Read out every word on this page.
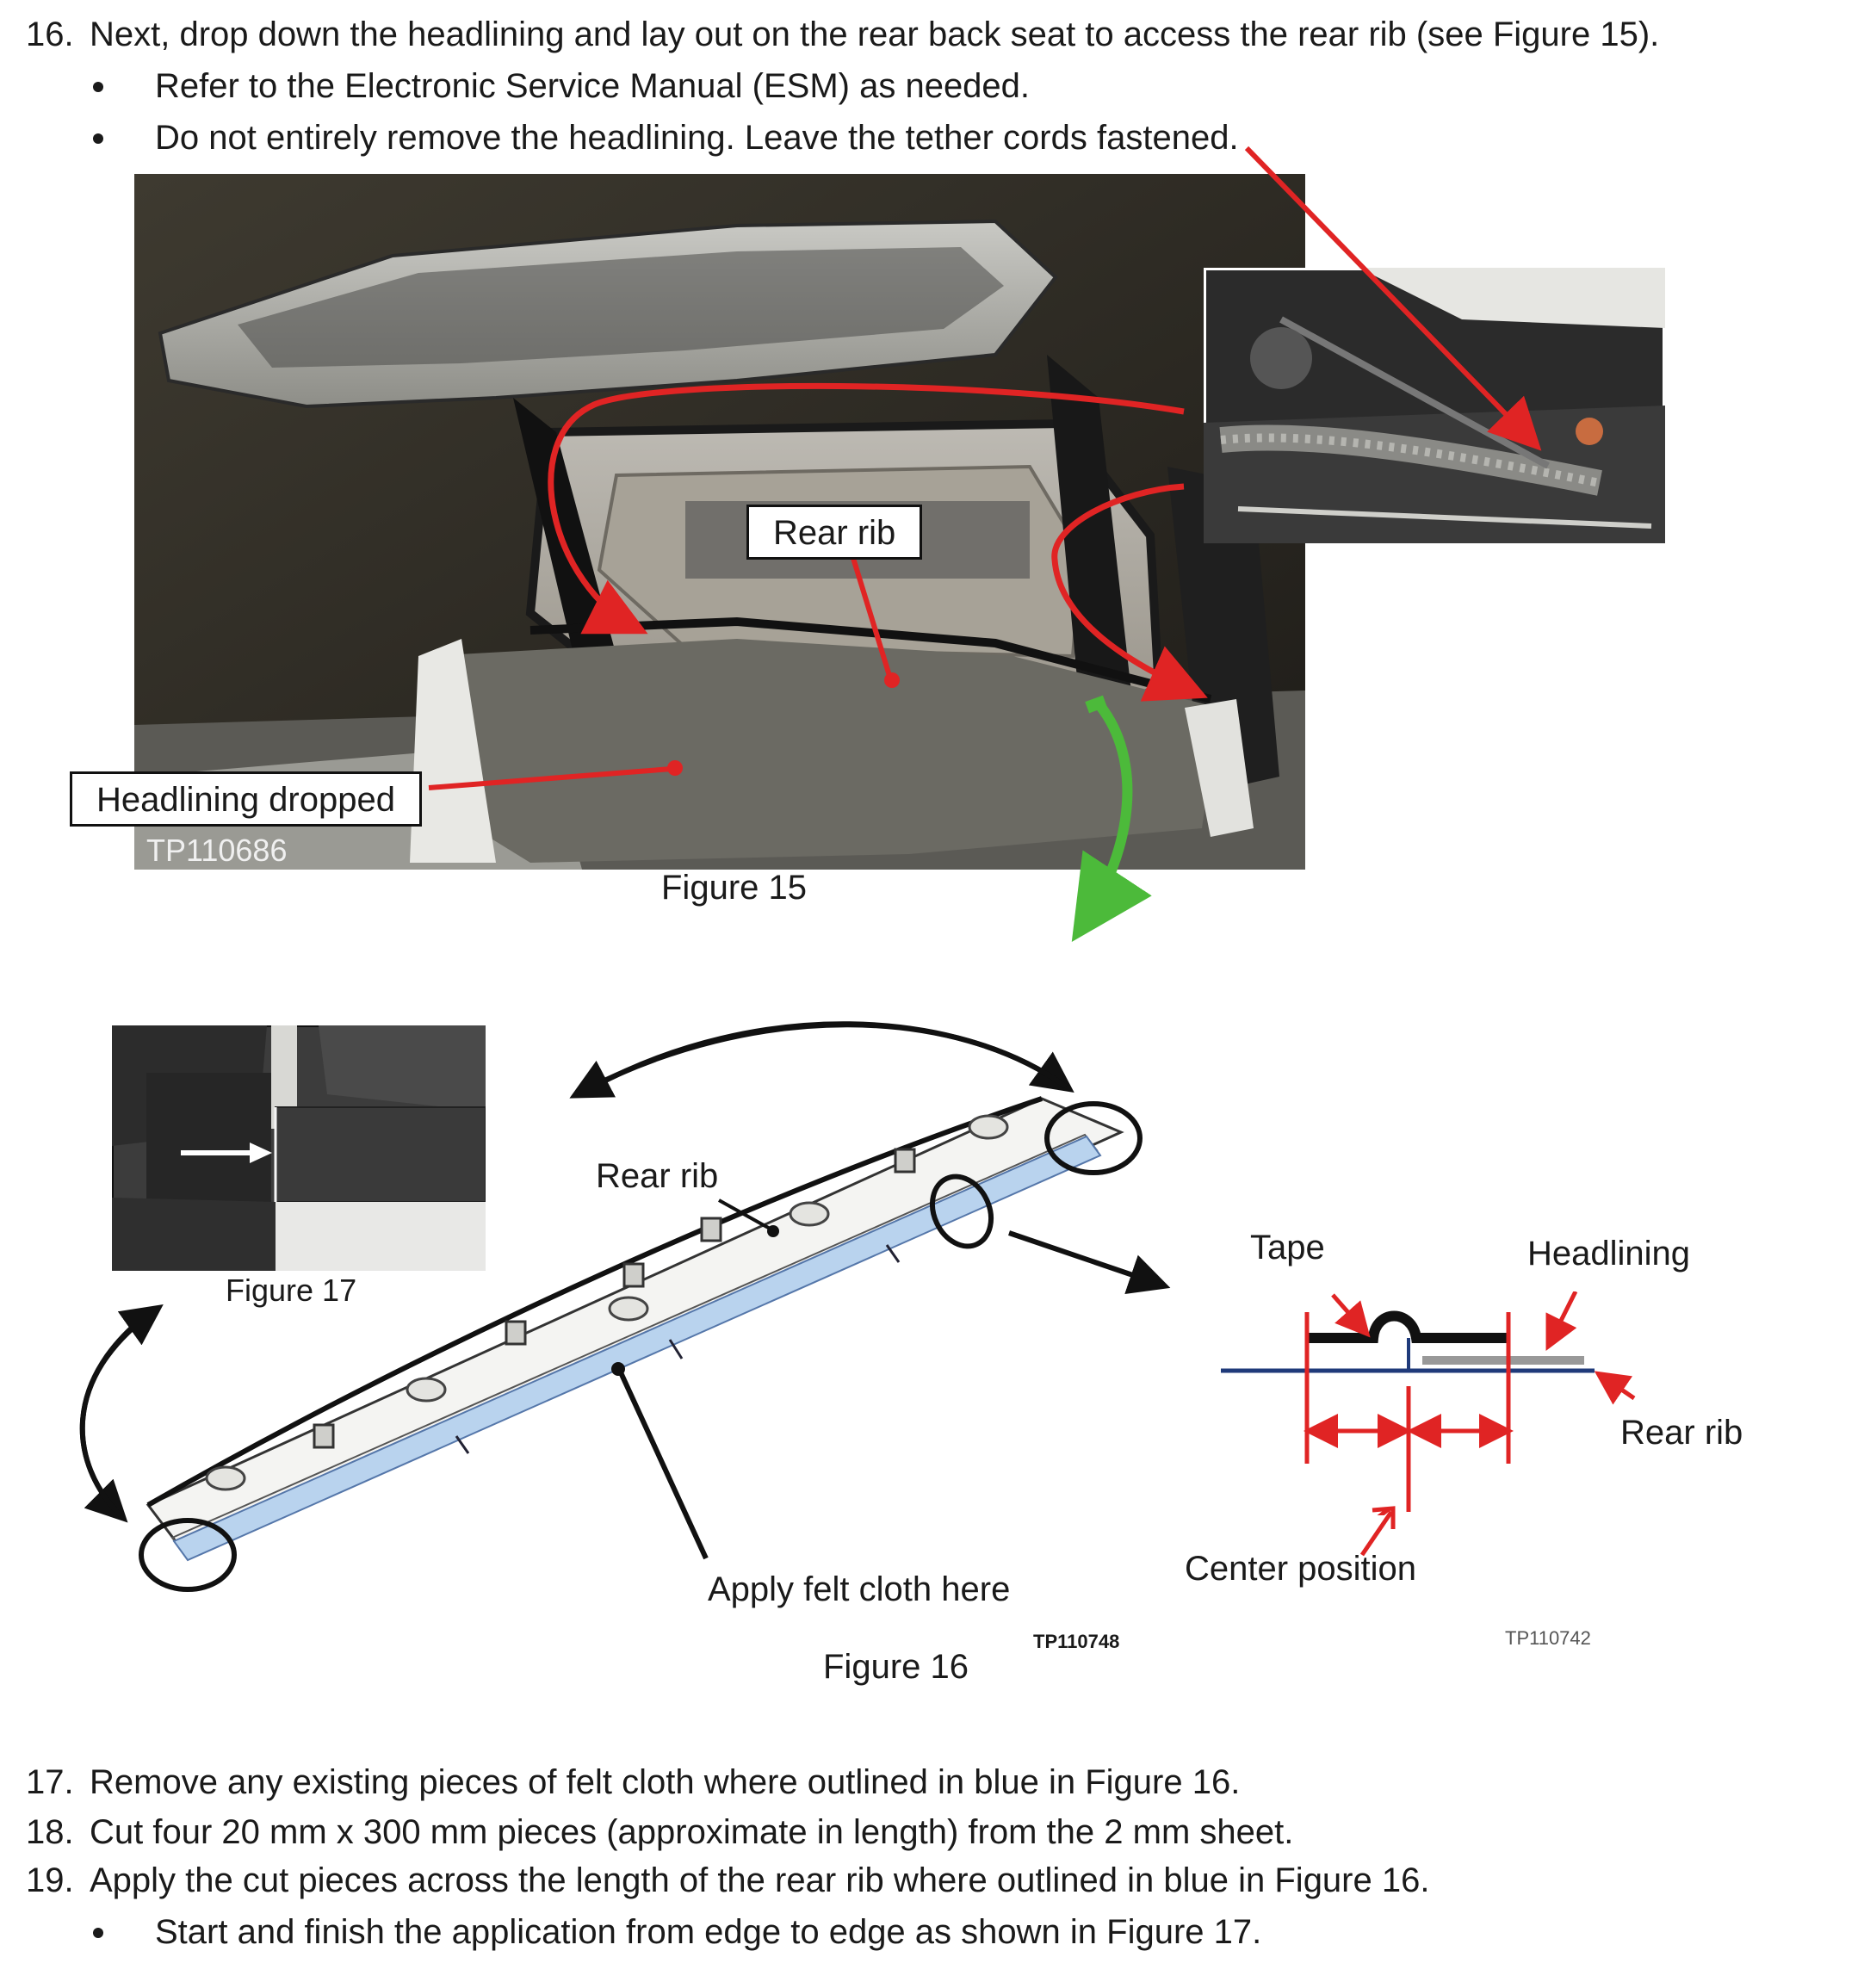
16. Next, drop down the headlining and lay out on the rear back seat to access the rear rib (see Figure 15).
Refer to the Electronic Service Manual (ESM) as needed.
Do not entirely remove the headlining. Leave the tether cords fastened.
Rear rib
Headlining dropped
TP110686
Figure 15
Figure 17
Rear rib
Apply felt cloth here
TP110748
Figure 16
Tape	Headlining
Rear rib
Center position
TP110742
17. Remove any existing pieces of felt cloth where outlined in blue in Figure 16.
18. Cut four 20 mm x 300 mm pieces (approximate in length) from the 2 mm sheet.
19. Apply the cut pieces across the length of the rear rib where outlined in blue in Figure 16.
Start and finish the application from edge to edge as shown in Figure 17.
